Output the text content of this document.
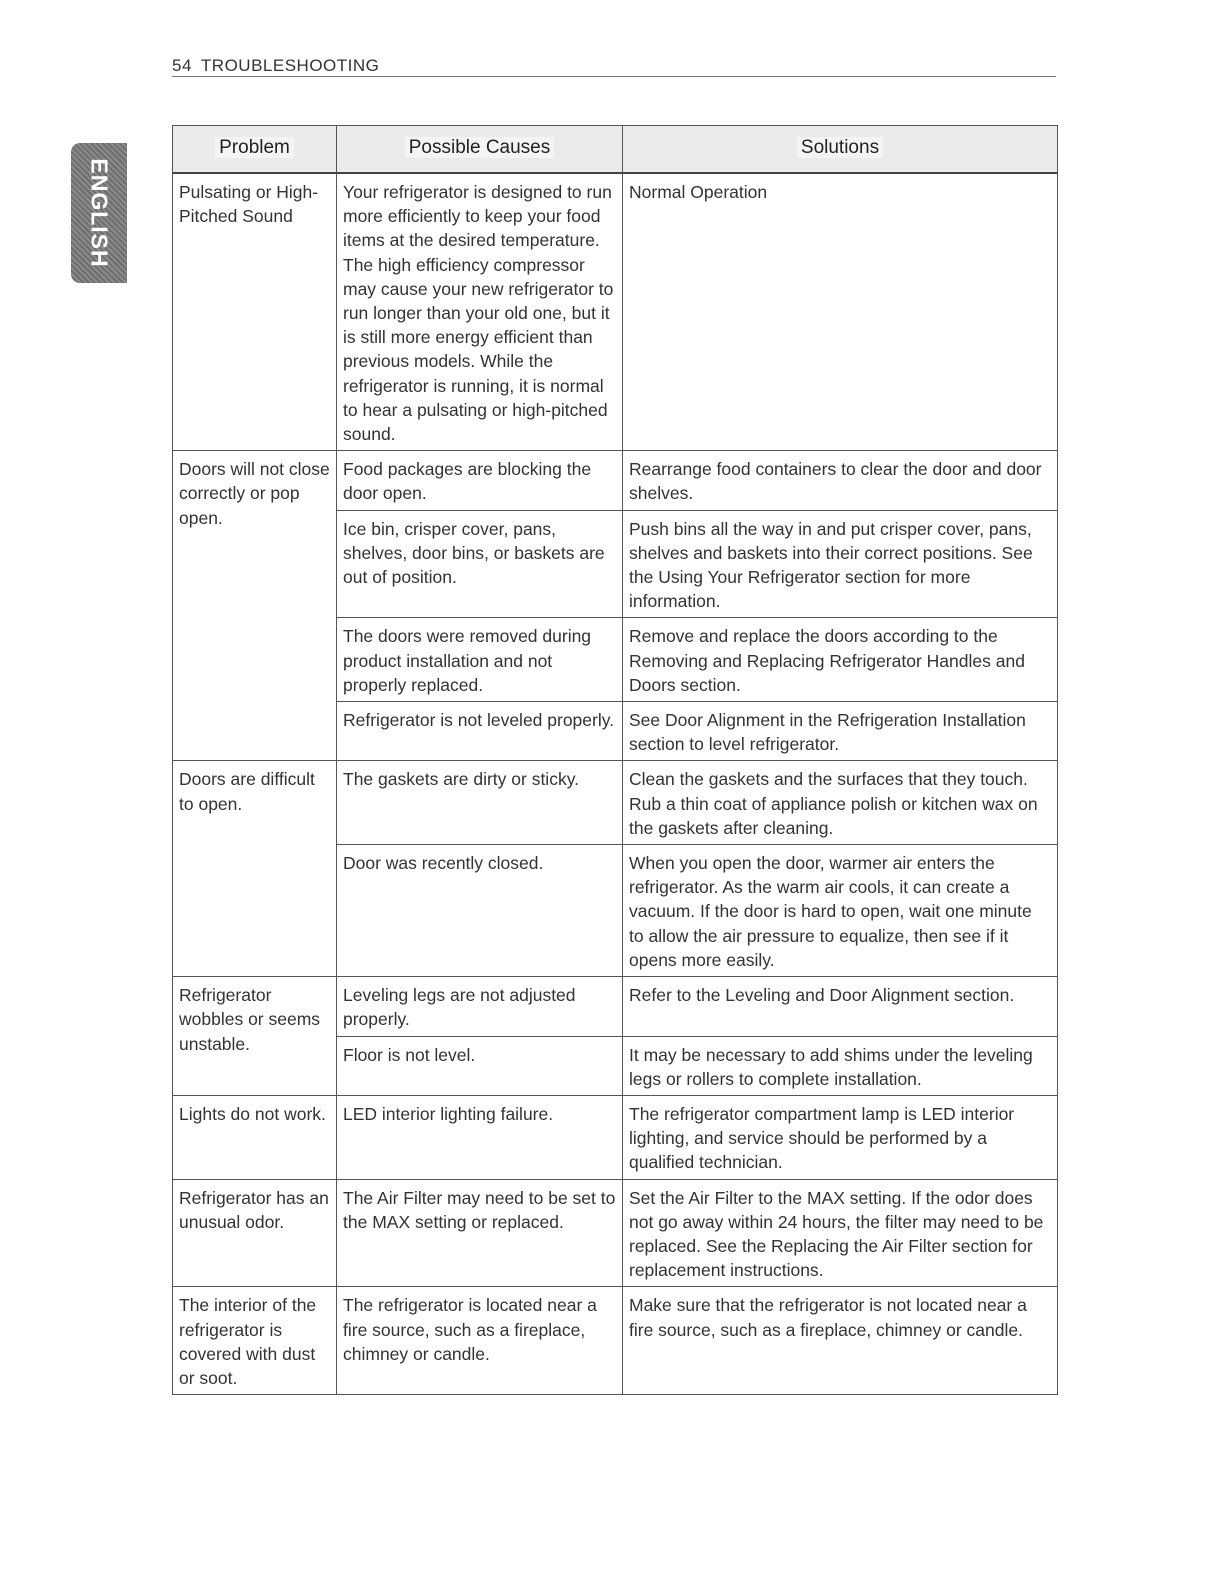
54 TROUBLESHOOTING
ENGLISH
Problem	Possible Causes	Solutions
Pulsating or High-Pitched Sound	Your refrigerator is designed to run more efficiently to keep your food items at the desired temperature. The high efficiency compressor may cause your new refrigerator to run longer than your old one, but it is still more energy efficient than previous models. While the refrigerator is running, it is normal to hear a pulsating or high-pitched sound.	Normal Operation
Doors will not close correctly or pop open.	Food packages are blocking the door open.	Rearrange food containers to clear the door and door shelves.
	Ice bin, crisper cover, pans, shelves, door bins, or baskets are out of position.	Push bins all the way in and put crisper cover, pans, shelves and baskets into their correct positions. See the Using Your Refrigerator section for more information.
	The doors were removed during product installation and not properly replaced.	Remove and replace the doors according to the Removing and Replacing Refrigerator Handles and Doors section.
	Refrigerator is not leveled properly.	See Door Alignment in the Refrigeration Installation section to level refrigerator.
Doors are difficult to open.	The gaskets are dirty or sticky.	Clean the gaskets and the surfaces that they touch. Rub a thin coat of appliance polish or kitchen wax on the gaskets after cleaning.
	Door was recently closed.	When you open the door, warmer air enters the refrigerator. As the warm air cools, it can create a vacuum. If the door is hard to open, wait one minute to allow the air pressure to equalize, then see if it opens more easily.
Refrigerator wobbles or seems unstable.	Leveling legs are not adjusted properly.	Refer to the Leveling and Door Alignment section.
	Floor is not level.	It may be necessary to add shims under the leveling legs or rollers to complete installation.
Lights do not work.	LED interior lighting failure.	The refrigerator compartment lamp is LED interior lighting, and service should be performed by a qualified technician.
Refrigerator has an unusual odor.	The Air Filter may need to be set to the MAX setting or replaced.	Set the Air Filter to the MAX setting. If the odor does not go away within 24 hours, the filter may need to be replaced. See the Replacing the Air Filter section for replacement instructions.
The interior of the refrigerator is covered with dust or soot.	The refrigerator is located near a fire source, such as a fireplace, chimney or candle.	Make sure that the refrigerator is not located near a fire source, such as a fireplace, chimney or candle.
